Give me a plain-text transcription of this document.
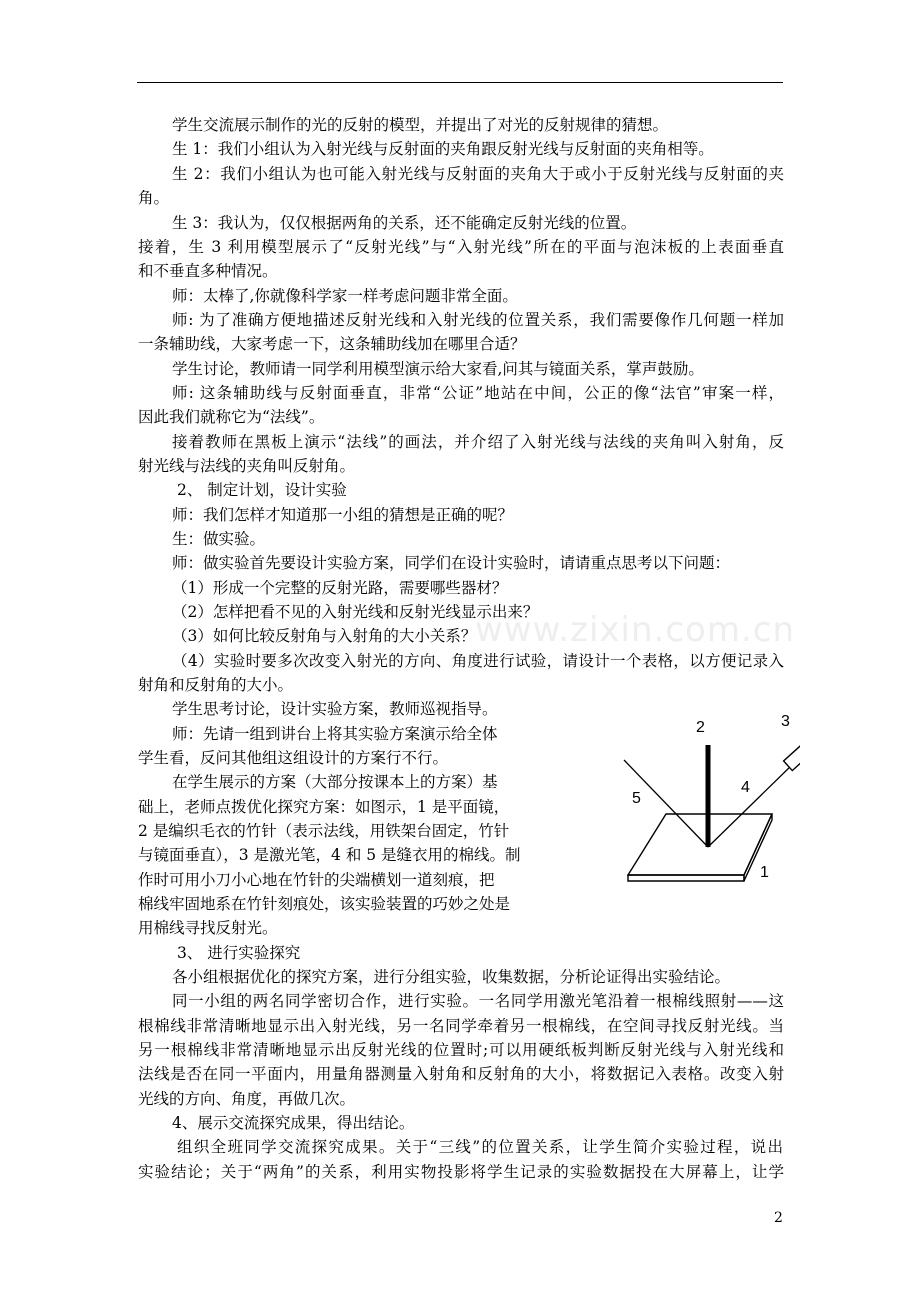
www.zixin.com.cn
学生交流展示制作的光的反射的模型，并提出了对光的反射规律的猜想。
生 1：我们小组认为入射光线与反射面的夹角跟反射光线与反射面的夹角相等。
生 2：我们小组认为也可能入射光线与反射面的夹角大于或小于反射光线与反射面的夹
角。
生 3：我认为，仅仅根据两角的关系，还不能确定反射光线的位置。
接着，生 3 利用模型展示了“反射光线”与“入射光线”所在的平面与泡沫板的上表面垂直
和不垂直多种情况。
师：太棒了,你就像科学家一样考虑问题非常全面。
师: 为了准确方便地描述反射光线和入射光线的位置关系，我们需要像作几何题一样加
一条辅助线，大家考虑一下，这条辅助线加在哪里合适？
学生讨论，教师请一同学利用模型演示给大家看,问其与镜面关系，掌声鼓励。
师: 这条辅助线与反射面垂直，非常“公证”地站在中间，公正的像“法官”审案一样，
因此我们就称它为“法线”。
接着教师在黑板上演示“法线”的画法，并介绍了入射光线与法线的夹角叫入射角，反
射光线与法线的夹角叫反射角。
2、 制定计划，设计实验
师：我们怎样才知道那一小组的猜想是正确的呢？
生：做实验。
师：做实验首先要设计实验方案，同学们在设计实验时，请请重点思考以下问题：
（1）形成一个完整的反射光路，需要哪些器材？
（2）怎样把看不见的入射光线和反射光线显示出来？
（3）如何比较反射角与入射角的大小关系？
（4）实验时要多次改变入射光的方向、角度进行试验，请设计一个表格，以方便记录入
射角和反射角的大小。
学生思考讨论，设计实验方案，教师巡视指导。
师：先请一组到讲台上将其实验方案演示给全体
学生看，反问其他组这组设计的方案行不行。
在学生展示的方案（大部分按课本上的方案）基
础上，老师点拨优化探究方案：如图示，1 是平面镜，
2 是编织毛衣的竹针（表示法线，用铁架台固定，竹针
与镜面垂直），3 是激光笔，4 和 5 是缝衣用的棉线。制
作时可用小刀小心地在竹针的尖端横划一道刻痕，把
棉线牢固地系在竹针刻痕处，该实验装置的巧妙之处是
用棉线寻找反射光。
3、 进行实验探究
各小组根据优化的探究方案，进行分组实验，收集数据，分析论证得出实验结论。
同一小组的两名同学密切合作，进行实验。一名同学用激光笔沿着一根棉线照射——这
根棉线非常清晰地显示出入射光线，另一名同学牵着另一根棉线，在空间寻找反射光线。当
另一根棉线非常清晰地显示出反射光线的位置时;可以用硬纸板判断反射光线与入射光线和
法线是否在同一平面内，用量角器测量入射角和反射角的大小，将数据记入表格。改变入射
光线的方向、角度，再做几次。
4、展示交流探究成果，得出结论。
组织全班同学交流探究成果。关于“三线”的位置关系，让学生简介实验过程，说出
实验结论；关于“两角”的关系，利用实物投影将学生记录的实验数据投在大屏幕上，让学
2	3
4
5
1
2
